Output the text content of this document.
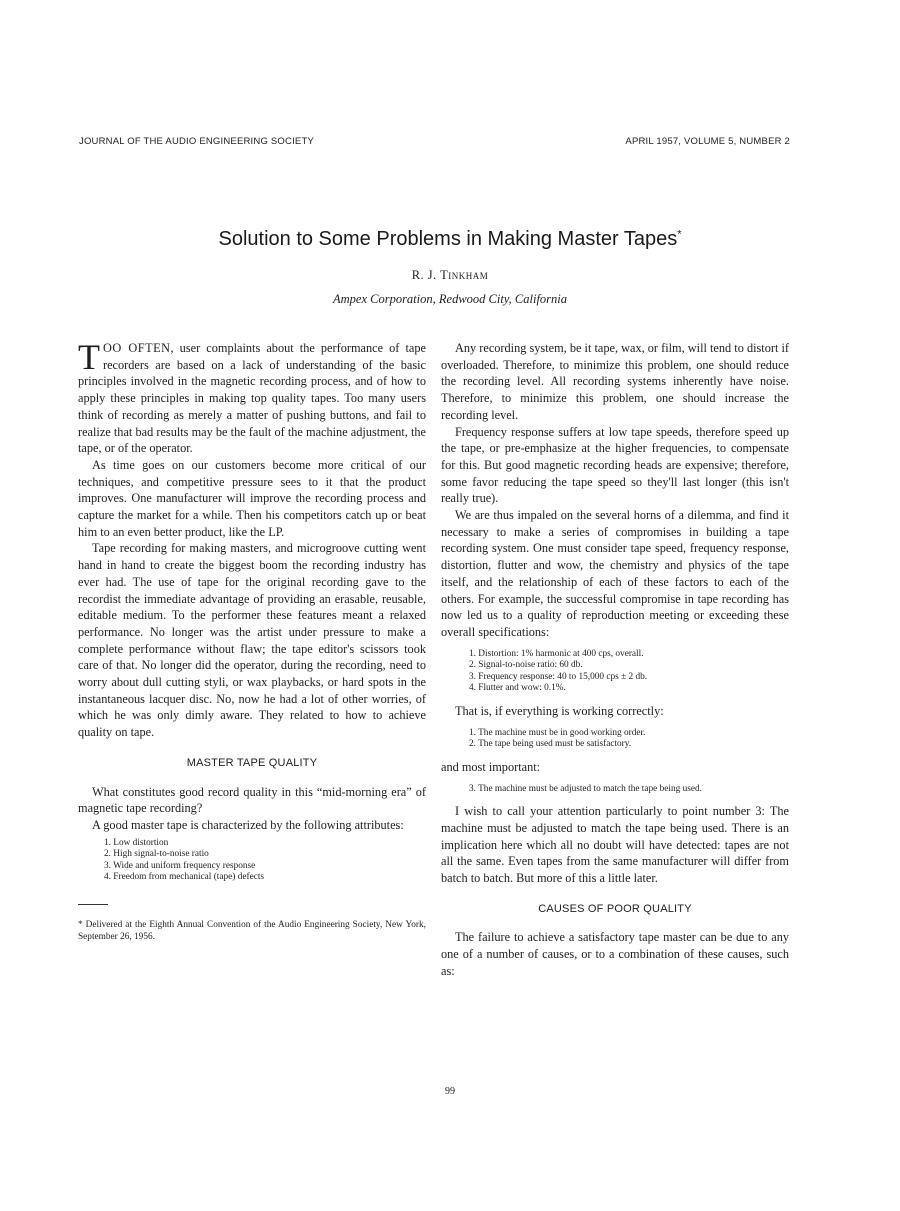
JOURNAL OF THE AUDIO ENGINEERING SOCIETY	APRIL 1957, VOLUME 5, NUMBER 2
Solution to Some Problems in Making Master Tapes*
R. J. Tinkham
Ampex Corporation, Redwood City, California

TOO OFTEN, user complaints about the performance of tape recorders are based on a lack of understanding of the basic principles involved in the magnetic recording process, and of how to apply these principles in making top quality tapes. Too many users think of recording as merely a matter of pushing buttons, and fail to realize that bad results may be the fault of the machine adjustment, the tape, or of the operator.

As time goes on our customers become more critical of our techniques, and competitive pressure sees to it that the product improves. One manufacturer will improve the recording process and capture the market for a while. Then his competitors catch up or beat him to an even better product, like the LP.

Tape recording for making masters, and microgroove cutting went hand in hand to create the biggest boom the recording industry has ever had. The use of tape for the original recording gave to the recordist the immediate advantage of providing an erasable, reusable, editable medium. To the performer these features meant a relaxed performance. No longer was the artist under pressure to make a complete performance without flaw; the tape editor's scissors took care of that. No longer did the operator, during the recording, need to worry about dull cutting styli, or wax playbacks, or hard spots in the instantaneous lacquer disc. No, now he had a lot of other worries, of which he was only dimly aware. They related to how to achieve quality on tape.

MASTER TAPE QUALITY

What constitutes good record quality in this “mid-morning era” of magnetic tape recording?

A good master tape is characterized by the following attributes:

1. Low distortion
2. High signal-to-noise ratio
3. Wide and uniform frequency response
4. Freedom from mechanical (tape) defects

* Delivered at the Eighth Annual Convention of the Audio Engineering Society, New York, September 26, 1956.

Any recording system, be it tape, wax, or film, will tend to distort if overloaded. Therefore, to minimize this problem, one should reduce the recording level. All recording systems inherently have noise. Therefore, to minimize this problem, one should increase the recording level.

Frequency response suffers at low tape speeds, therefore speed up the tape, or pre-emphasize at the higher frequencies, to compensate for this. But good magnetic recording heads are expensive; therefore, some favor reducing the tape speed so they'll last longer (this isn't really true).

We are thus impaled on the several horns of a dilemma, and find it necessary to make a series of compromises in building a tape recording system. One must consider tape speed, frequency response, distortion, flutter and wow, the chemistry and physics of the tape itself, and the relationship of each of these factors to each of the others. For example, the successful compromise in tape recording has now led us to a quality of reproduction meeting or exceeding these overall specifications:

1. Distortion: 1% harmonic at 400 cps, overall.
2. Signal-to-noise ratio: 60 db.
3. Frequency response: 40 to 15,000 cps ± 2 db.
4. Flutter and wow: 0.1%.

That is, if everything is working correctly:

1. The machine must be in good working order.
2. The tape being used must be satisfactory.

and most important:

3. The machine must be adjusted to match the tape being used.

I wish to call your attention particularly to point number 3: The machine must be adjusted to match the tape being used. There is an implication here which all no doubt will have detected: tapes are not all the same. Even tapes from the same manufacturer will differ from batch to batch. But more of this a little later.

CAUSES OF POOR QUALITY

The failure to achieve a satisfactory tape master can be due to any one of a number of causes, or to a combination of these causes, such as:

99
